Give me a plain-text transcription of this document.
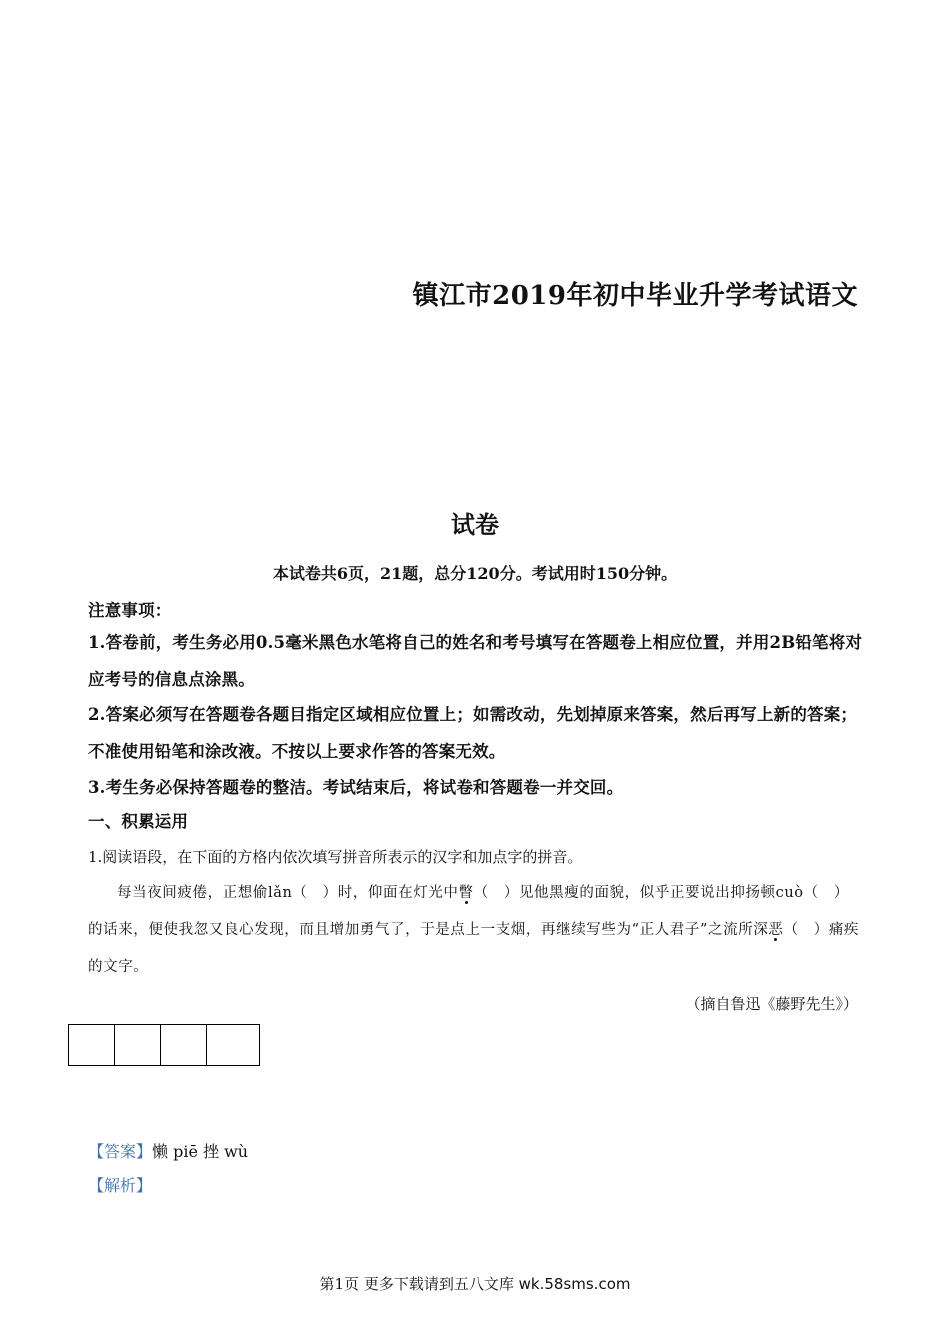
镇江市2019年初中毕业升学考试语文
试卷
本试卷共6页，21题，总分120分。考试用时150分钟。
注意事项：
1.答卷前，考生务必用0.5毫米黑色水笔将自己的姓名和考号填写在答题卷上相应位置，并用2B铅笔将对应考号的信息点涂黑。
2.答案必须写在答题卷各题目指定区域相应位置上；如需改动，先划掉原来答案，然后再写上新的答案；不准使用铅笔和涂改液。不按以上要求作答的答案无效。
3.考生务必保持答题卷的整洁。考试结束后，将试卷和答题卷一并交回。
一、积累运用
1.阅读语段，在下面的方格内依次填写拼音所表示的汉字和加点字的拼音。
每当夜间疲倦，正想偷lǎn（　）时，仰面在灯光中瞥（　）见他黑瘦的面貌，似乎正要说出抑扬顿cuò（　）的话来，便使我忽又良心发现，而且增加勇气了，于是点上一支烟，再继续写些为“正人君子”之流所深恶（　）痛疾的文字。
（摘自鲁迅《藤野先生》）
【答案】懒 piē 挫 wù
【解析】
第1页 更多下载请到五八文库 wk.58sms.com
